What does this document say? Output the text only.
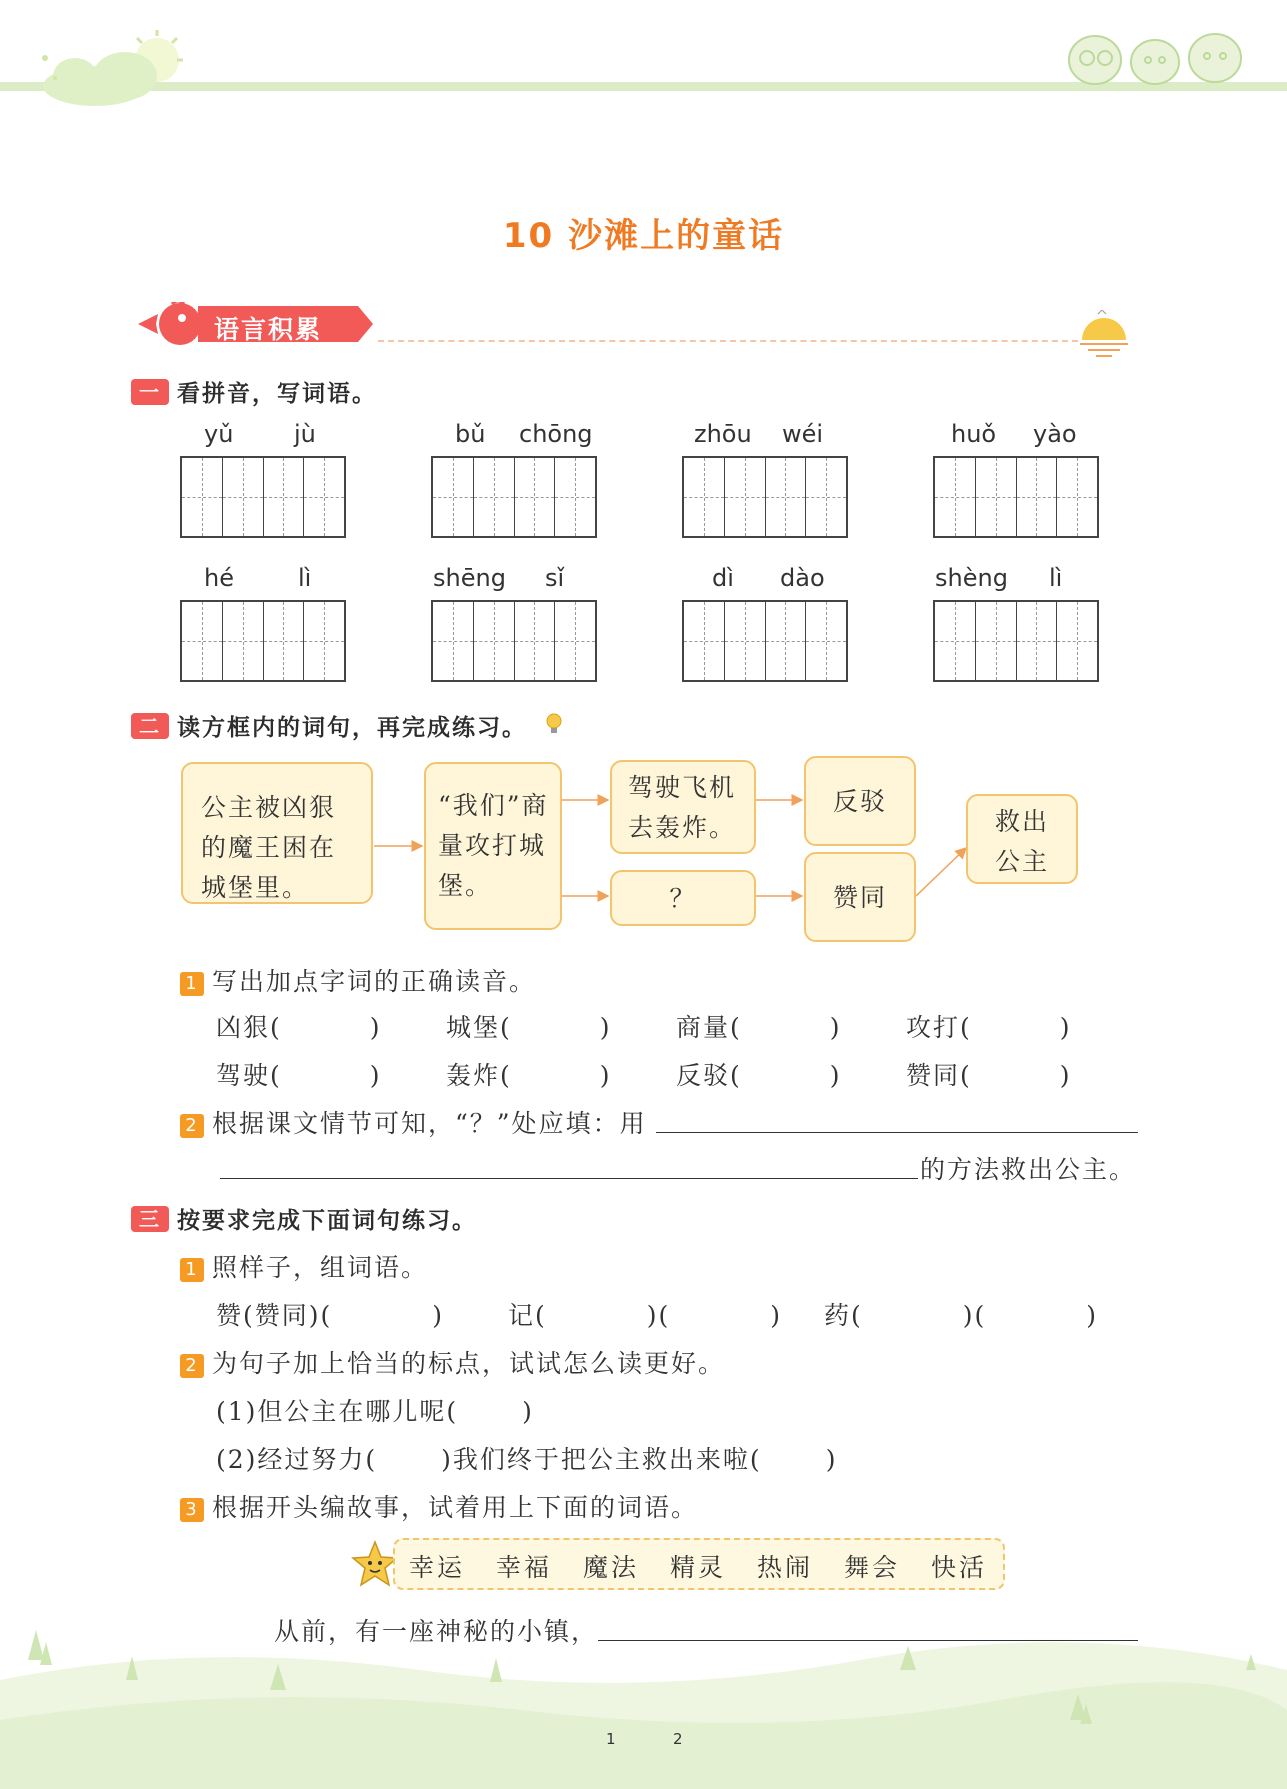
10 沙滩上的童话
语言积累
一 看拼音，写词语。
yǔ	jù	bǔ chōng	zhōu wéi	huǒ yào
hé	lì	shēng sǐ	dì dào	shèng lì
二 读方框内的词句，再完成练习。
公主被凶狠
的魔王困在
城堡里。
“我们”商
量攻打城
堡。
驾驶飞机
去轰炸。
？
反驳
赞同
救出
公主
1 写出加点字词的正确读音。
凶狠(	)	城堡(	)	商量(	)	攻打(	)
驾驶(	)	轰炸(	)	反驳(	)	赞同(	)
2 根据课文情节可知，“？”处应填：用
的方法救出公主。
三 按要求完成下面词句练习。
1 照样子，组词语。
赞(赞同)(	)	记(	)(	) 药(	)(	)
2 为句子加上恰当的标点，试试怎么读更好。
(1)但公主在哪儿呢(	)
(2)经过努力(	)我们终于把公主救出来啦(	)
3 根据开头编故事，试着用上下面的词语。
幸运 幸福 魔法 精灵 热闹 舞会 快活
从前，有一座神秘的小镇，
1	2
